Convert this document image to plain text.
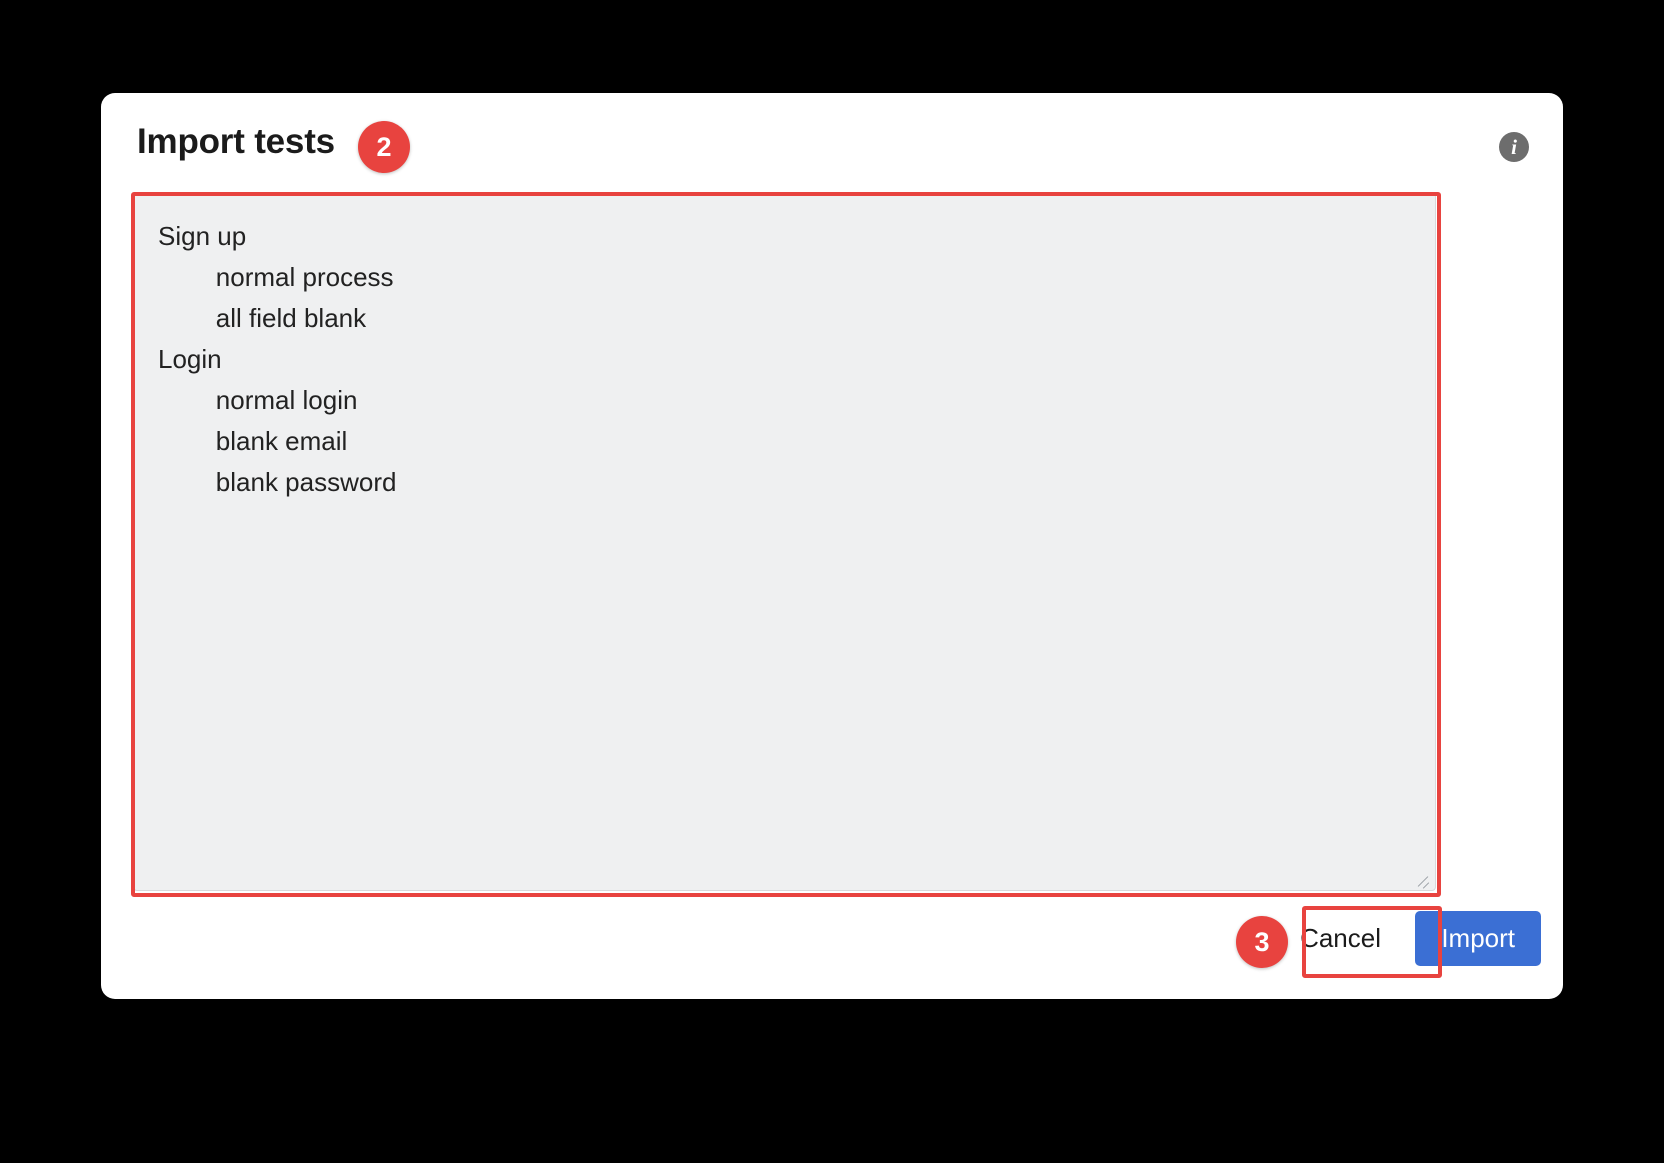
Import tests	i
Sign up normal process all field blank Login normal login blank email blank password
Cancel	Import
2
3
